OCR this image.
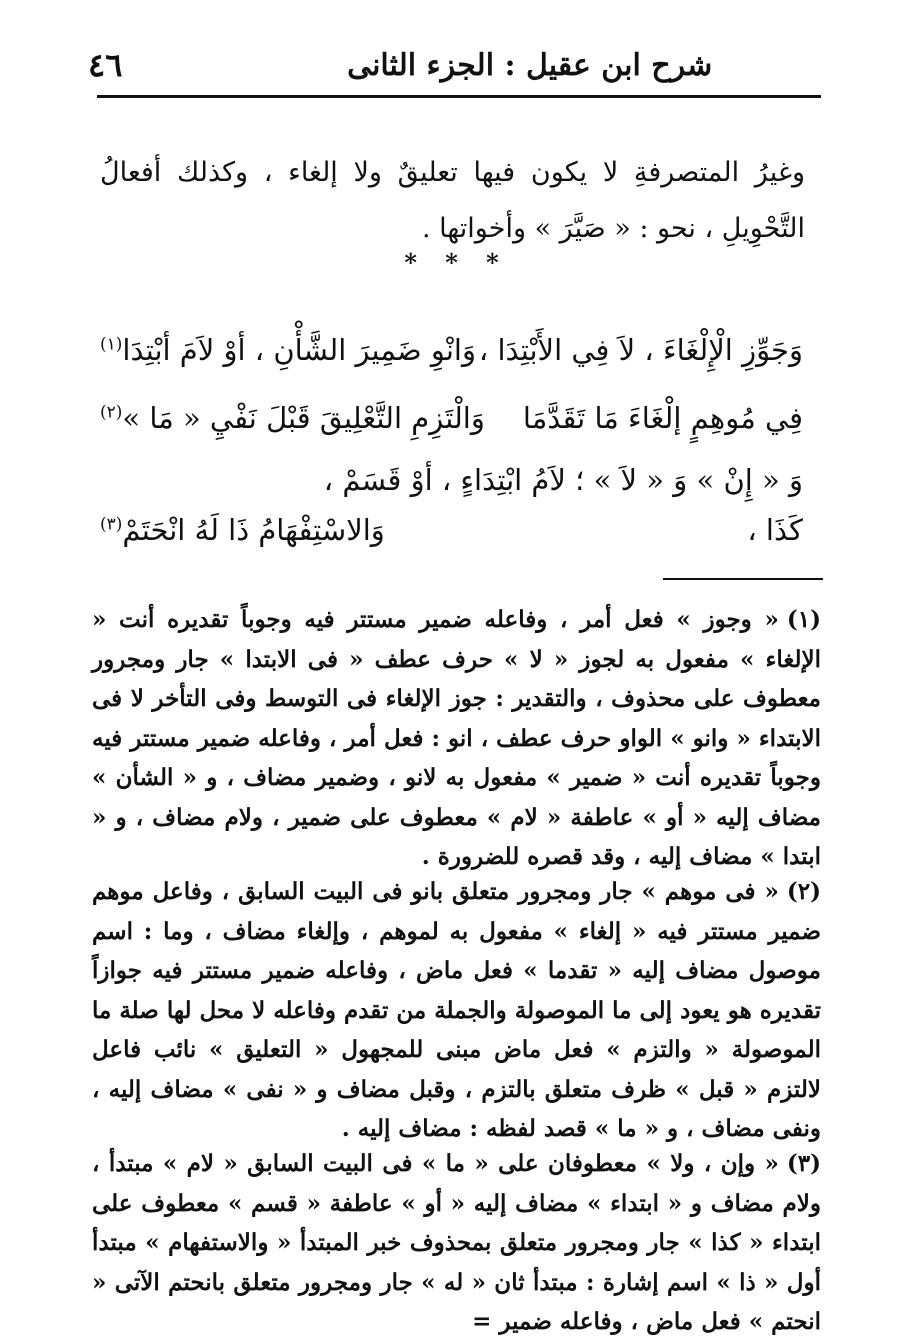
شرح ابن عقيل : الجزء الثانى
٤٦

وغيرُ المتصرفةِ لا يكون فيها تعليقٌ ولا إلغاء ، وكذلك أفعالُ التَّحْوِيلِ ، نحو : « صَيَّرَ » وأخواتها .

* * *
وَجَوِّزِ الْإِلْغَاءَ ، لاَ فِي الأَبْتِدَا ،
وَانْوِ ضَمِيرَ الشَّأْنِ ، أوْ لاَمَ أبْتِدَا$^{(١)}$
فِي مُوهِمٍ إلْغَاءَ مَا تَقَدَّمَا
وَالْتَزِمِ التَّعْلِيقَ قَبْلَ نَفْيِ « مَا »$^{(٢)}$
وَ « إِنْ » وَ « لاَ » ؛ لاَمُ ابْتِدَاءٍ ، أوْ قَسَمْ ،
كَذَا ،
وَالاسْتِفْهَامُ ذَا لَهُ انْحَتَمْ$^{(٣)}$

(١)« وجوز » فعل أمر ، وفاعله ضمير مستتر فيه وجوباً تقديره أنت « الإلغاء » مفعول به لجوز « لا » حرف عطف « فى الابتدا » جار ومجرور معطوف على محذوف ، والتقدير : جوز الإلغاء فى التوسط وفى التأخر لا فى الابتداء « وانو » الواو حرف عطف ، انو : فعل أمر ، وفاعله ضمير مستتر فيه وجوباً تقديره أنت « ضمير » مفعول به لانو ، وضمير مضاف ، و « الشأن » مضاف إليه « أو » عاطفة « لام » معطوف على ضمير ، ولام مضاف ، و « ابتدا » مضاف إليه ، وقد قصره للضرورة .

(٢)« فى موهم » جار ومجرور متعلق بانو فى البيت السابق ، وفاعل موهم ضمير مستتر فيه « إلغاء » مفعول به لموهم ، وإلغاء مضاف ، وما : اسم موصول مضاف إليه « تقدما » فعل ماض ، وفاعله ضمير مستتر فيه جوازاً تقديره هو يعود إلى ما الموصولة والجملة من تقدم وفاعله لا محل لها صلة ما الموصولة « والتزم » فعل ماض مبنى للمجهول « التعليق » نائب فاعل لالتزم « قبل » ظرف متعلق بالتزم ، وقبل مضاف و « نفى » مضاف إليه ، ونفى مضاف ، و « ما » قصد لفظه : مضاف إليه .

(٣)« وإن ، ولا » معطوفان على « ما » فى البيت السابق « لام » مبتدأ ، ولام مضاف و « ابتداء » مضاف إليه « أو » عاطفة « قسم » معطوف على ابتداء « كذا » جار ومجرور متعلق بمحذوف خبر المبتدأ « والاستفهام » مبتدأ أول « ذا » اسم إشارة : مبتدأ ثان « له » جار ومجرور متعلق بانحتم الآتى « انحتم » فعل ماض ، وفاعله ضمير =
